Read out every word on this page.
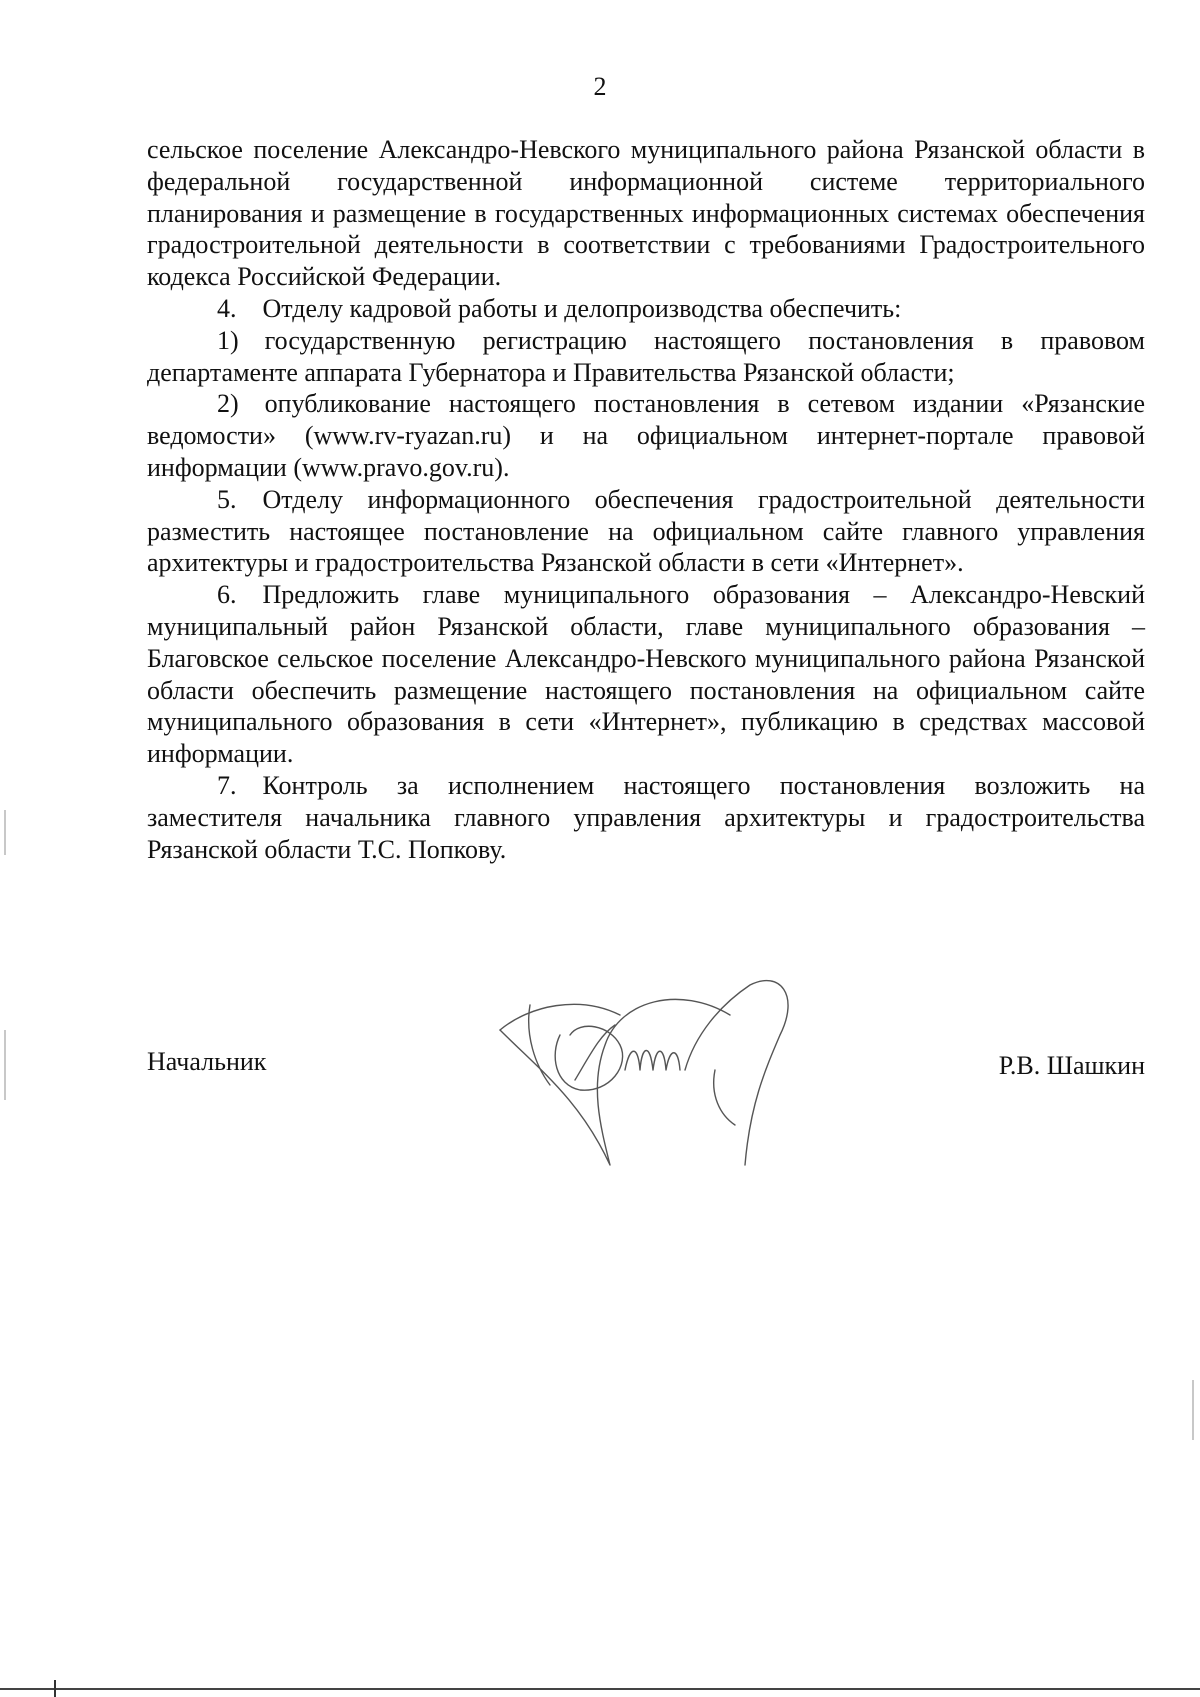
2

сельское поселение Александро-Невского муниципального района Рязанской области в федеральной государственной информационной системе территориального планирования и размещение в государственных информационных системах обеспечения градостроительной деятельности в соответствии с требованиями Градостроительного кодекса Российской Федерации.

4. Отделу кадровой работы и делопроизводства обеспечить:

1) государственную регистрацию настоящего постановления в правовом департаменте аппарата Губернатора и Правительства Рязанской области;

2) опубликование настоящего постановления в сетевом издании «Рязанские ведомости» (www.rv-ryazan.ru) и на официальном интернет-портале правовой информации (www.pravo.gov.ru).

5. Отделу информационного обеспечения градостроительной деятельности разместить настоящее постановление на официальном сайте главного управления архитектуры и градостроительства Рязанской области в сети «Интернет».

6. Предложить главе муниципального образования – Александро-Невский муниципальный район Рязанской области, главе муниципального образования – Благовское сельское поселение Александро-Невского муниципального района Рязанской области обеспечить размещение настоящего постановления на официальном сайте муниципального образования в сети «Интернет», публикацию в средствах массовой информации.

7. Контроль за исполнением настоящего постановления возложить на заместителя начальника главного управления архитектуры и градостроительства Рязанской области Т.С. Попкову.

Начальник	Р.В. Шашкин
